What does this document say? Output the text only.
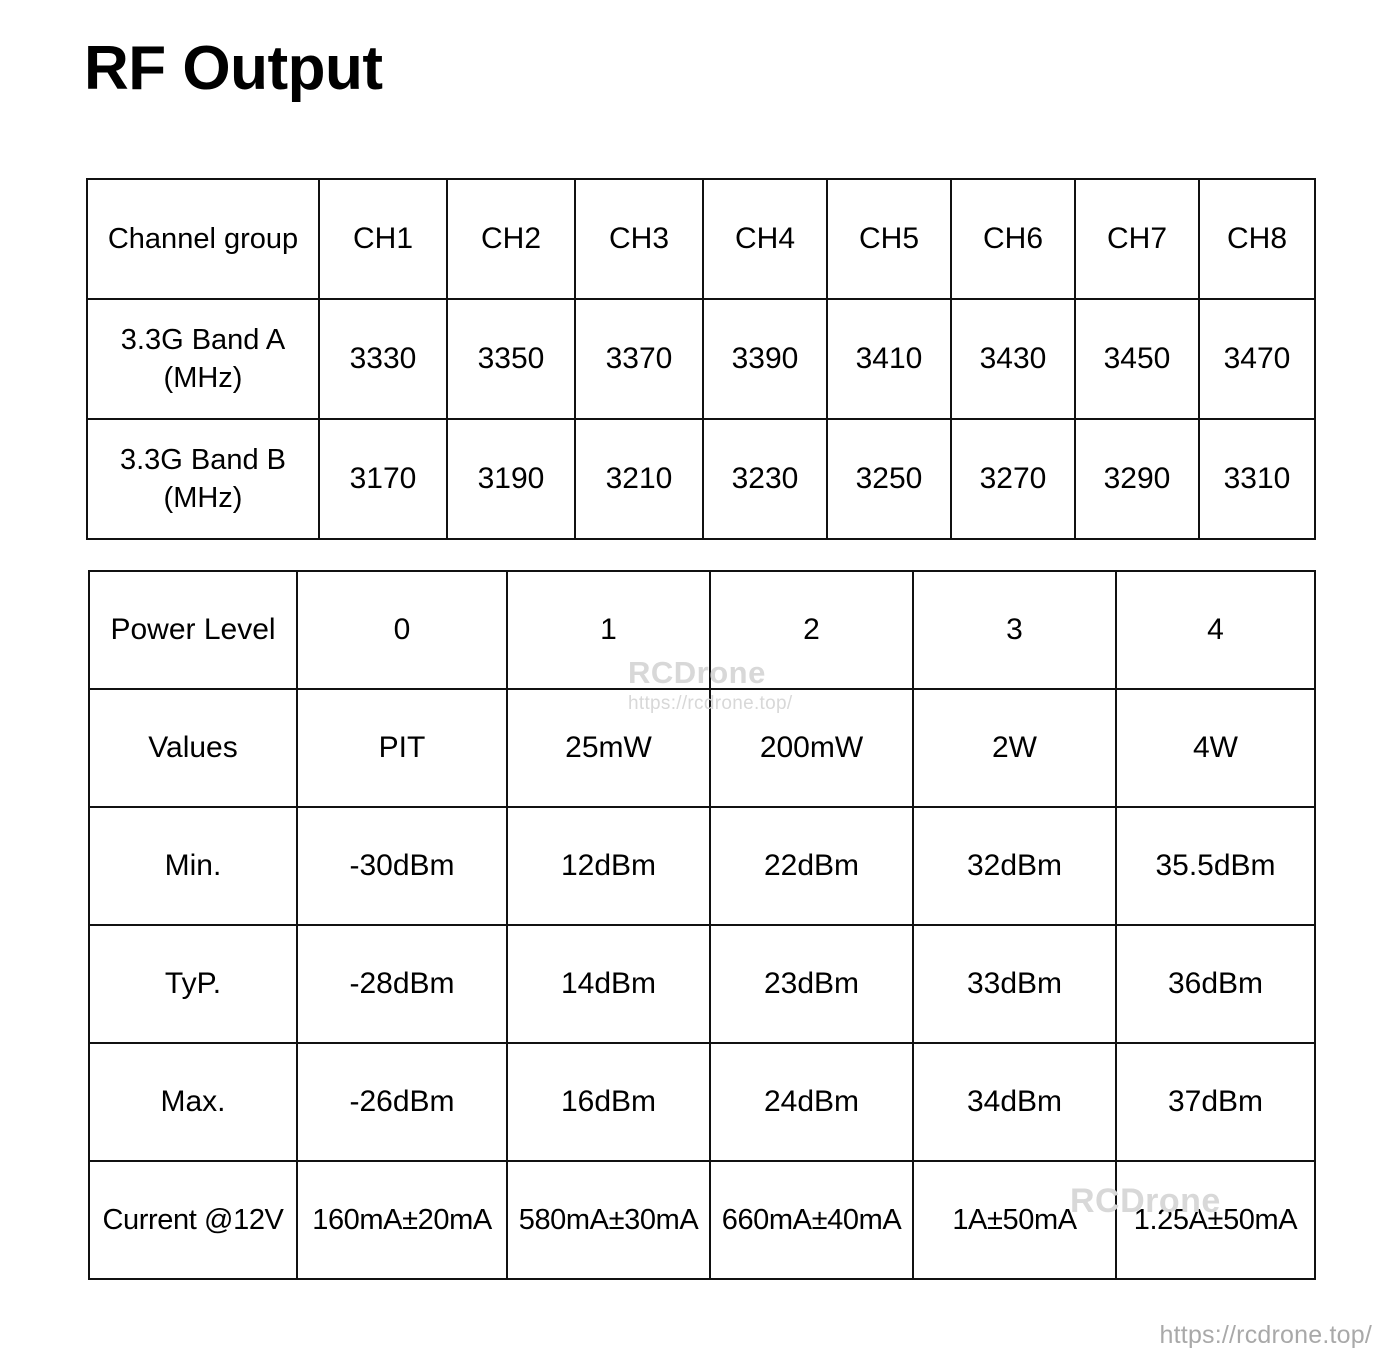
RF Output
Channel group	CH1	CH2	CH3	CH4	CH5	CH6	CH7	CH8

3.3G Band A
(MHz)	3330	3350	3370	3390	3410	3430	3450	3470

3.3G Band B
(MHz)	3170	3190	3210	3230	3250	3270	3290	3310
Power Level	0	1	2	3	4
Values	PIT	25mW	200mW	2W	4W
Min.	-30dBm	12dBm	22dBm	32dBm	35.5dBm
TyP.	-28dBm	14dBm	23dBm	33dBm	36dBm
Max.	-26dBm	16dBm	24dBm	34dBm	37dBm
Current @12V	160mA±20mA	580mA±30mA	660mA±40mA	1A±50mA	1.25A±50mA
RCDrone
https://rcdrone.top/
RCDrone
https://rcdrone.top/
